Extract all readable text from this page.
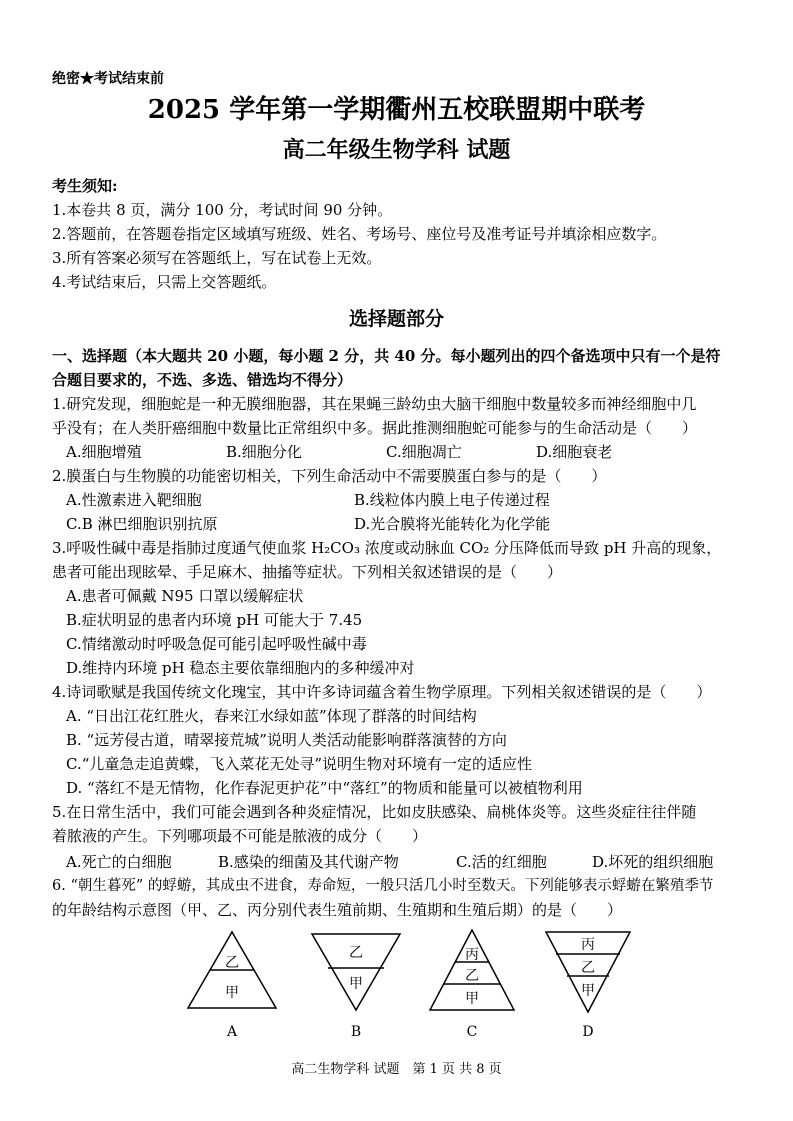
绝密★考试结束前
2025 学年第一学期衢州五校联盟期中联考
高二年级生物学科 试题
考生须知:
1.本卷共 8 页，满分 100 分，考试时间 90 分钟。
2.答题前，在答题卷指定区域填写班级、姓名、考场号、座位号及准考证号并填涂相应数字。
3.所有答案必须写在答题纸上，写在试卷上无效。
4.考试结束后，只需上交答题纸。
选择题部分
一、选择题（本大题共 20 小题，每小题 2 分，共 40 分。每小题列出的四个备选项中只有一个是符
合题目要求的，不选、多选、错选均不得分）
1.研究发现，细胞蛇是一种无膜细胞器，其在果蝇三龄幼虫大脑干细胞中数量较多而神经细胞中几
乎没有；在人类肝癌细胞中数量比正常组织中多。据此推测细胞蛇可能参与的生命活动是（　　）
A.细胞增殖	B.细胞分化	C.细胞凋亡	D.细胞衰老
2.膜蛋白与生物膜的功能密切相关，下列生命活动中不需要膜蛋白参与的是（　　）
A.性激素进入靶细胞	B.线粒体内膜上电子传递过程
C.B 淋巴细胞识别抗原	D.光合膜将光能转化为化学能
3.呼吸性碱中毒是指肺过度通气使血浆 H₂CO₃ 浓度或动脉血 CO₂ 分压降低而导致 pH 升高的现象，
患者可能出现眩晕、手足麻木、抽搐等症状。下列相关叙述错误的是（　　）
A.患者可佩戴 N95 口罩以缓解症状
B.症状明显的患者内环境 pH 可能大于 7.45
C.情绪激动时呼吸急促可能引起呼吸性碱中毒
D.维持内环境 pH 稳态主要依靠细胞内的多种缓冲对
4.诗词歌赋是我国传统文化瑰宝，其中许多诗词蕴含着生物学原理。下列相关叙述错误的是（　　）
A. “日出江花红胜火，春来江水绿如蓝”体现了群落的时间结构
B. “远芳侵古道，晴翠接荒城”说明人类活动能影响群落演替的方向
C.“儿童急走追黄蝶，飞入菜花无处寻”说明生物对环境有一定的适应性
D. “落红不是无情物，化作春泥更护花”中“落红”的物质和能量可以被植物利用
5.在日常生活中，我们可能会遇到各种炎症情况，比如皮肤感染、扁桃体炎等。这些炎症往往伴随
着脓液的产生。下列哪项最不可能是脓液的成分（　　）
A.死亡的白细胞	B.感染的细菌及其代谢产物	C.活的红细胞	D.坏死的组织细胞
6. “朝生暮死” 的蜉蝣，其成虫不进食，寿命短，一般只活几小时至数天。下列能够表示蜉蝣在繁殖季节
的年龄结构示意图（甲、乙、丙分别代表生殖前期、生殖期和生殖后期）的是（　　）
乙
甲
A
乙
甲
B
丙
乙
甲
C
丙
乙
甲
D
高二生物学科 试题　第 1 页 共 8 页
